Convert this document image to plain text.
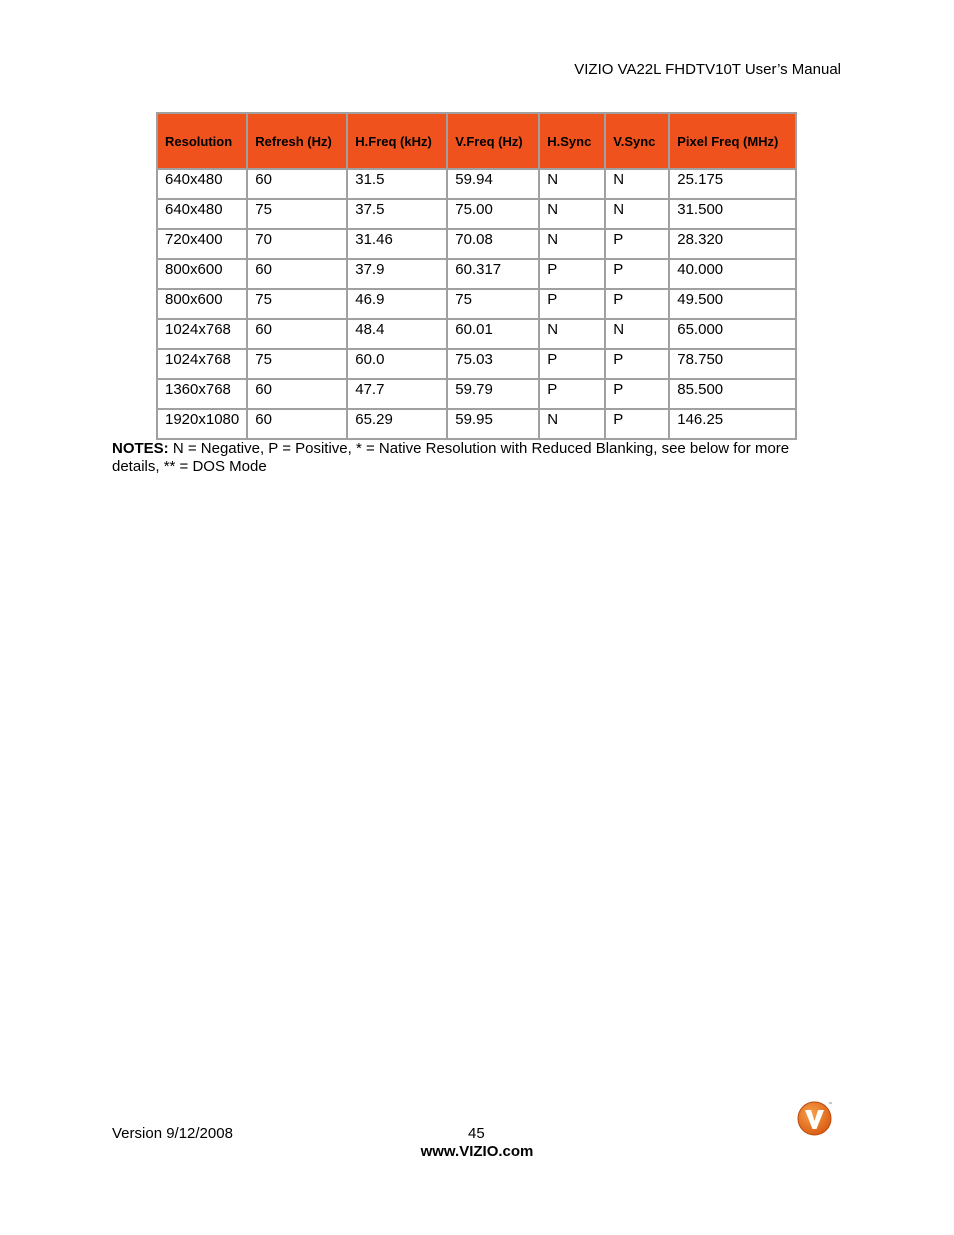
VIZIO VA22L FHDTV10T User’s Manual
Resolution	Refresh (Hz)	H.Freq (kHz)	V.Freq (Hz)	H.Sync	V.Sync	Pixel Freq (MHz)
640x480	60	31.5	59.94	N	N	25.175
640x480	75	37.5	75.00	N	N	31.500
720x400	70	31.46	70.08	N	P	28.320
800x600	60	37.9	60.317	P	P	40.000
800x600	75	46.9	75	P	P	49.500
1024x768	60	48.4	60.01	N	N	65.000
1024x768	75	60.0	75.03	P	P	78.750
1360x768	60	47.7	59.79	P	P	85.500
1920x1080	60	65.29	59.95	N	P	146.25
NOTES: N = Negative, P = Positive, * = Native Resolution with Reduced Blanking, see below for more details, ** = DOS Mode
Version 9/12/2008	45
www.VIZIO.com
™
